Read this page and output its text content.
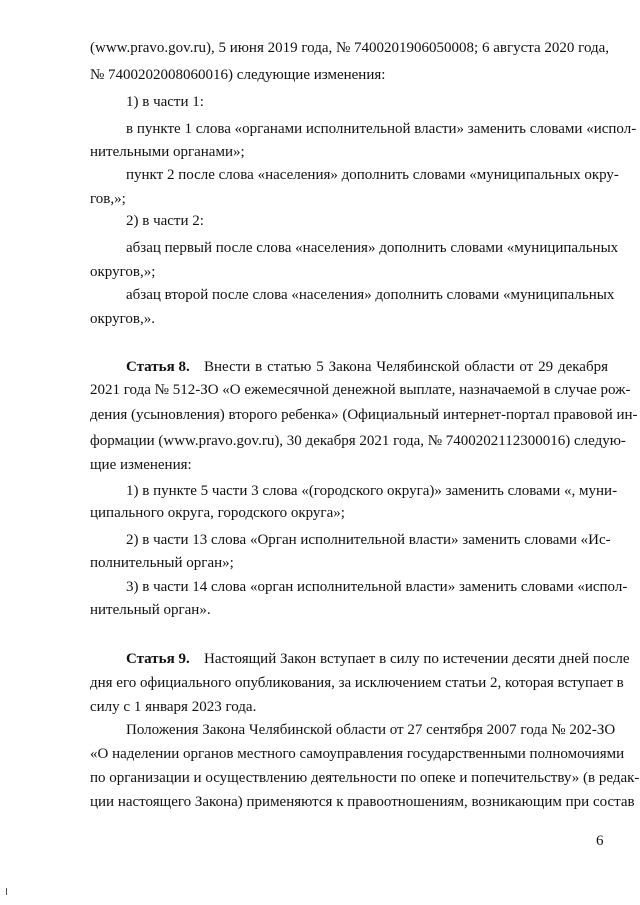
(www.pravo.gov.ru), 5 июня 2019 года, № 7400201906050008; 6 августа 2020 года,
№ 7400202008060016) следующие изменения:
1) в части 1:
в пункте 1 слова «органами исполнительной власти» заменить словами «испол-
нительными органами»;
пункт 2 после слова «населения» дополнить словами «муниципальных окру-
гов,»;
2) в части 2:
абзац первый после слова «населения» дополнить словами «муниципальных
округов,»;
абзац второй после слова «населения» дополнить словами «муниципальных
округов,».
Статья 8. Внести в статью 5 Закона Челябинской области от 29 декабря
2021 года № 512-ЗО «О ежемесячной денежной выплате, назначаемой в случае рож-
дения (усыновления) второго ребенка» (Официальный интернет-портал правовой ин-
формации (www.pravo.gov.ru), 30 декабря 2021 года, № 7400202112300016) следую-
щие изменения:
1) в пункте 5 части 3 слова «(городского округа)» заменить словами «, муни-
ципального округа, городского округа»;
2) в части 13 слова «Орган исполнительной власти» заменить словами «Ис-
полнительный орган»;
3) в части 14 слова «орган исполнительной власти» заменить словами «испол-
нительный орган».
Статья 9. Настоящий Закон вступает в силу по истечении десяти дней после
дня его официального опубликования, за исключением статьи 2, которая вступает в
силу с 1 января 2023 года.
Положения Закона Челябинской области от 27 сентября 2007 года № 202-ЗО
«О наделении органов местного самоуправления государственными полномочиями
по организации и осуществлению деятельности по опеке и попечительству» (в редак-
ции настоящего Закона) применяются к правоотношениям, возникающим при состав
6
